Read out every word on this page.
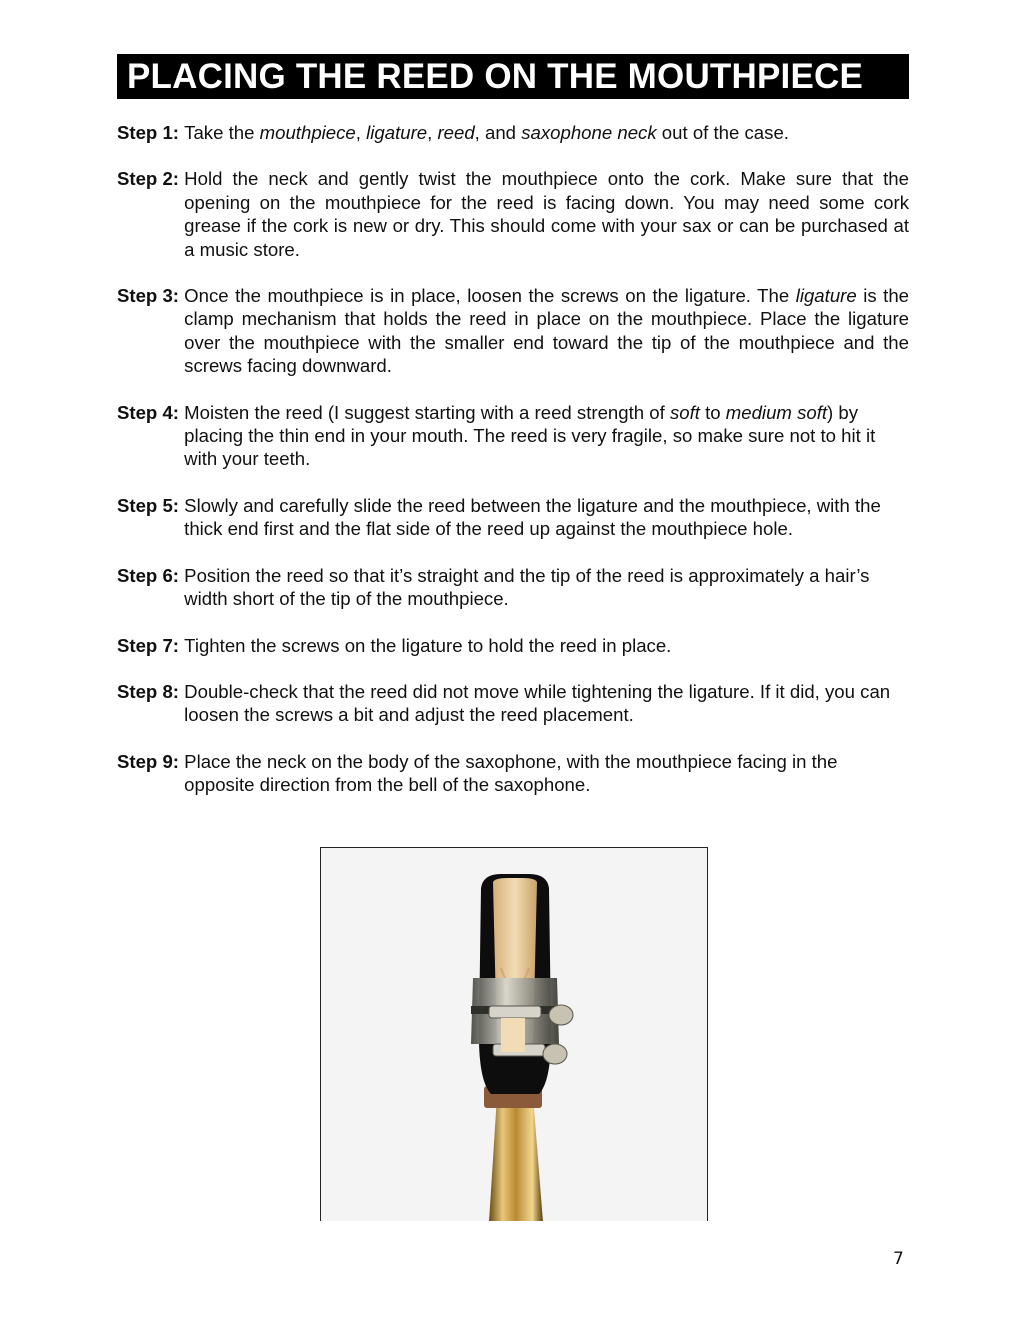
PLACING THE REED ON THE MOUTHPIECE
Step 1:
Take the mouthpiece, ligature, reed, and saxophone neck out of the case.
Step 2:
Hold the neck and gently twist the mouthpiece onto the cork. Make sure that the opening on the mouthpiece for the reed is facing down. You may need some cork grease if the cork is new or dry. This should come with your sax or can be purchased at a music store.
Step 3:
Once the mouthpiece is in place, loosen the screws on the ligature. The ligature is the clamp mechanism that holds the reed in place on the mouthpiece. Place the ligature over the mouthpiece with the smaller end toward the tip of the mouthpiece and the screws facing downward.
Step 4:
Moisten the reed (I suggest starting with a reed strength of soft to medium soft) by placing the thin end in your mouth. The reed is very fragile, so make sure not to hit it with your teeth.
Step 5:
Slowly and carefully slide the reed between the ligature and the mouthpiece, with the thick end first and the flat side of the reed up against the mouthpiece hole.
Step 6:
Position the reed so that it’s straight and the tip of the reed is approximately a hair’s width short of the tip of the mouthpiece.
Step 7:
Tighten the screws on the ligature to hold the reed in place.
Step 8:
Double-check that the reed did not move while tightening the ligature. If it did, you can loosen the screws a bit and adjust the reed placement.
Step 9:
Place the neck on the body of the saxophone, with the mouthpiece facing in the opposite direction from the bell of the saxophone.
7
